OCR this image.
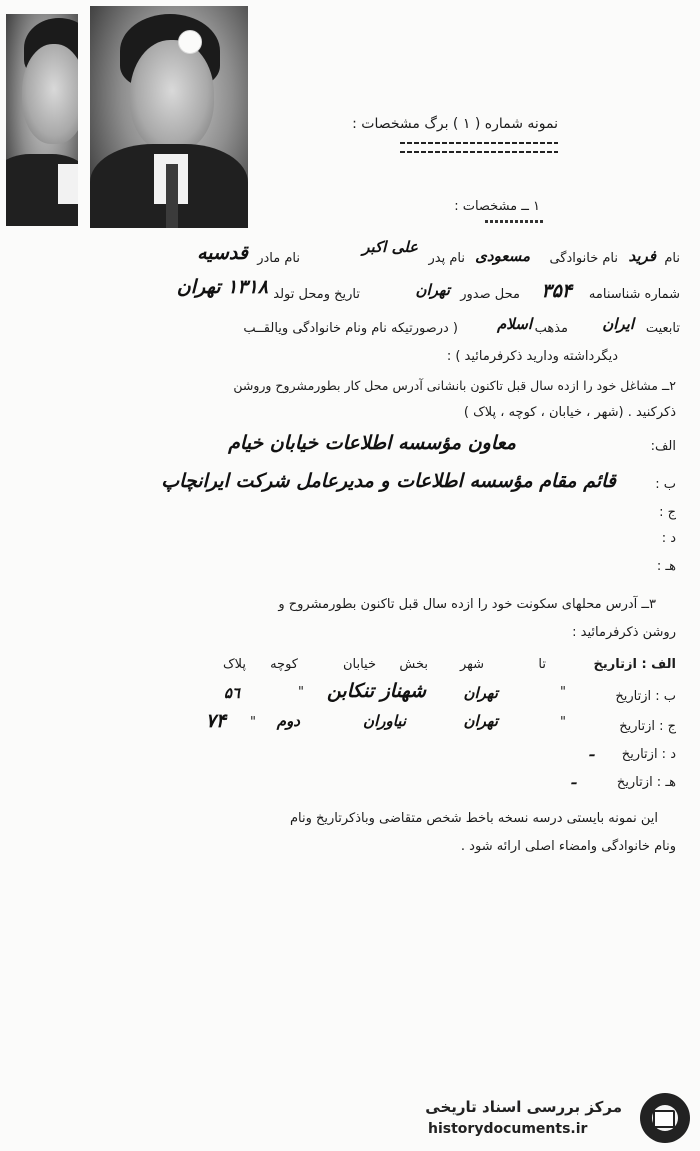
نمونه شماره ( ۱ ) برگ مشخصات :
۱ ــ مشخصات :
نام
فرید
نام خانوادگی
مسعودی
نام پدر
علی اکبر
نام مادر
قدسیه
شماره شناسنامه
۳۵۴
محل صدور
تهران
تاریخ ومحل تولد
۱۳۱۸ تهران
تابعیت
ایران
مذهب
اسلام
( درصورتیکه نام ونام خانوادگی ویالقــب
دیگرداشته ودارید ذکرفرمائید ) :
۲ــ مشاغل خود را ازده سال قبل تاکنون بانشانی آدرس محل کار بطورمشروح وروشن
ذکرکنید . (شهر ، خیابان ، کوچه ، پلاک )
الف:
معاون مؤسسه اطلاعات خیابان خیام
ب :
قائم مقام مؤسسه اطلاعات و مدیرعامل شرکت ایرانچاپ
ج :
د :
هـ :
۳ــ آدرس محلهای سکونت خود را ازده سال قبل تاکنون بطورمشروح و
روشن ذکرفرمائید :
الف : ازتاریخ
تا
شهر
بخش
خیابان
کوچه
پلاک
ب : ازتاریخ
"
تهران
شهناز تنکابن
"
۵٦
ج : ازتاریخ
"
تهران
نیاوران
دوم
"
۷۴
د : ازتاریخ
ـ
هـ : ازتاریخ
ـ
این نمونه بایستی درسه نسخه باخط شخص متقاضی وباذکرتاریخ ونام
ونام خانوادگی وامضاء اصلی ارائه شود .
مرکز بررسی اسناد تاریخی
historydocuments.ir
